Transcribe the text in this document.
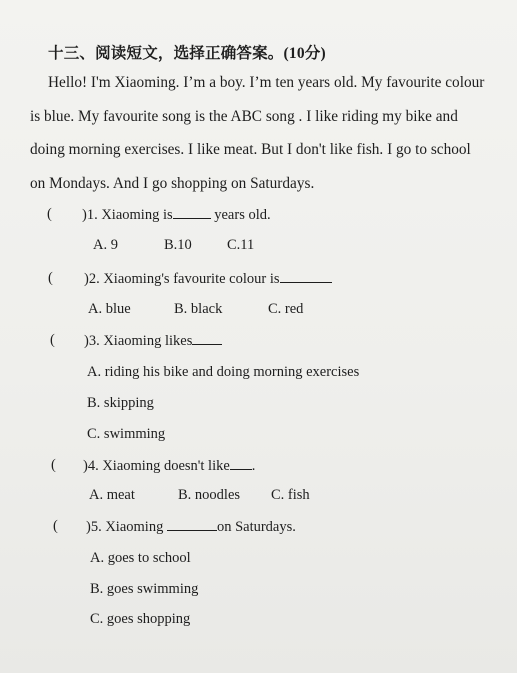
十三、阅读短文，选择正确答案。(10分)
Hello! I'm Xiaoming. I’m a boy. I’m ten years old. My favourite colour
is blue. My favourite song is the ABC song . I like riding my bike and
doing morning exercises. I like meat. But I don't like fish. I go to school
on Mondays. And I go shopping on Saturdays.
( )1. Xiaoming is	years old.
A. 9	B.10 C.11
( )2. Xiaoming's favourite colour is
A. blue	B. black	C. red
( )3. Xiaoming likes
A. riding his bike and doing morning exercises
B. skipping
C. swimming
( )4. Xiaoming doesn't like .
A. meat	B. noodles C. fish
( )5. Xiaoming	on Saturdays.
A. goes to school
B. goes swimming
C. goes shopping
